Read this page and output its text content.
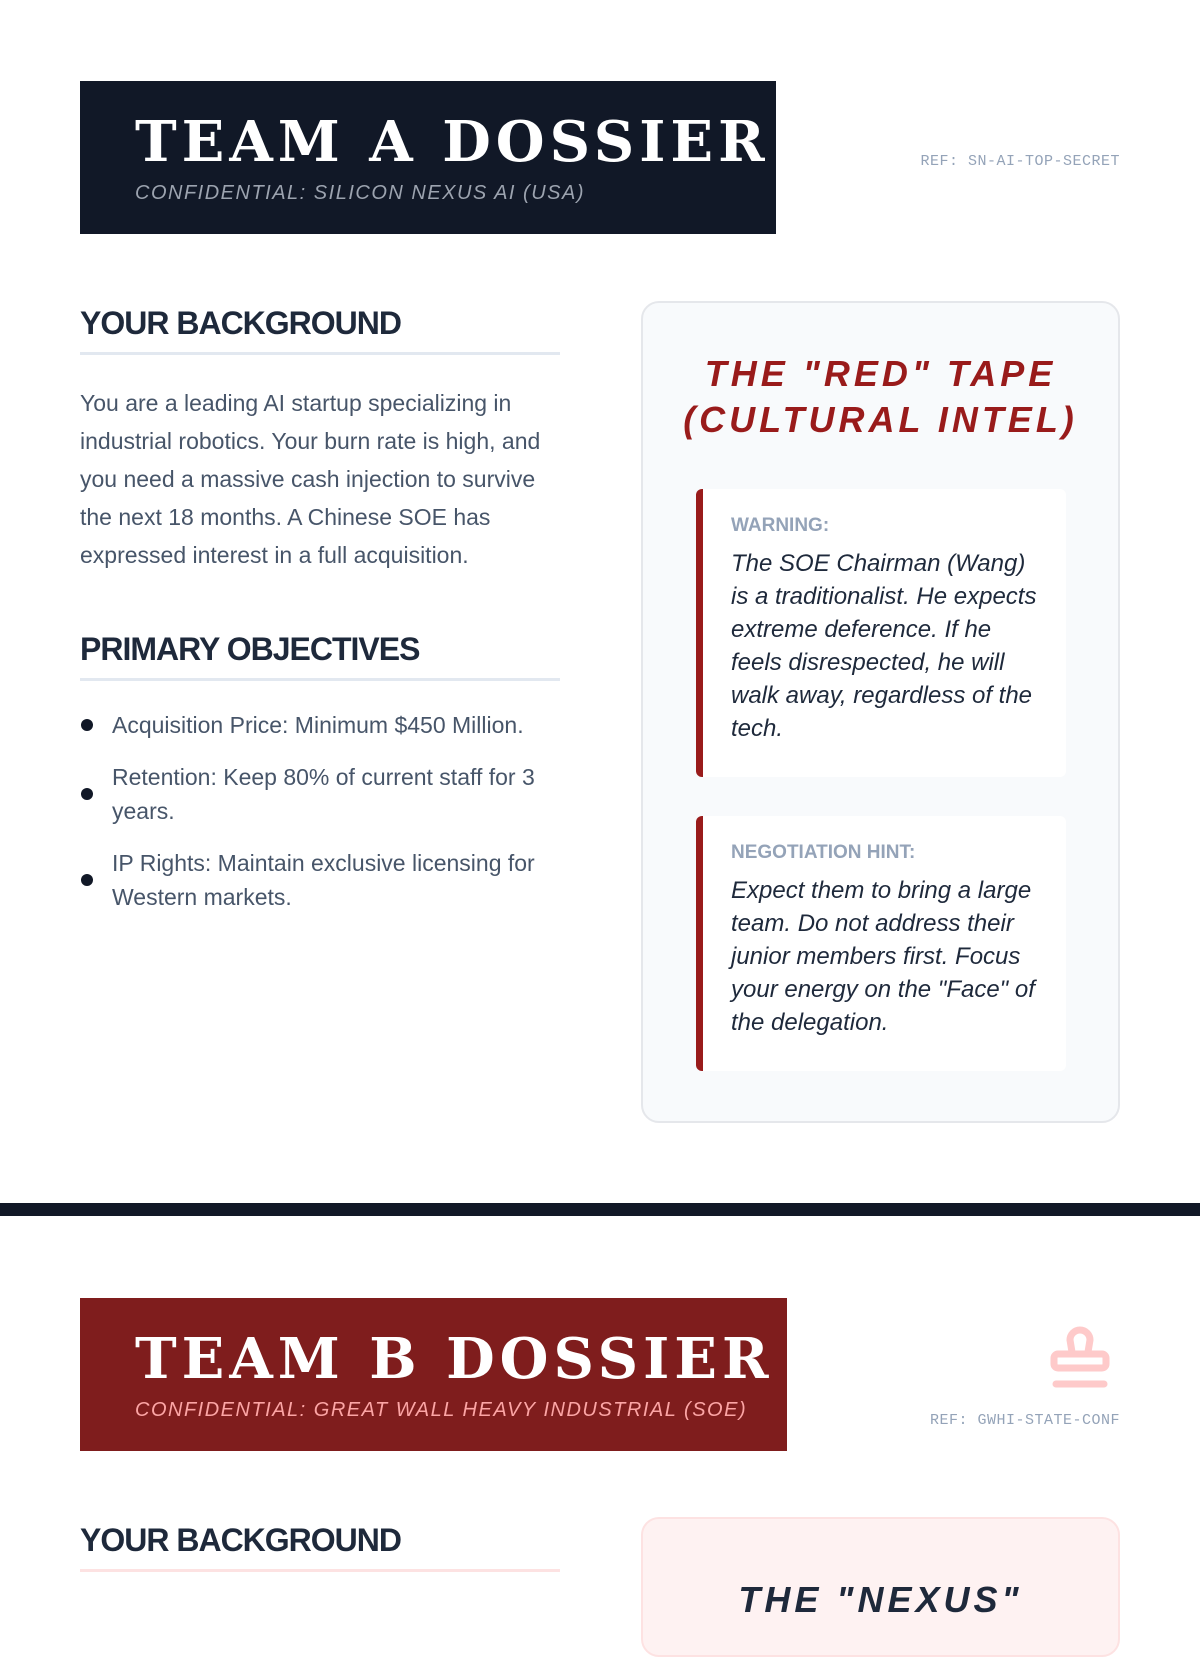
TEAM A DOSSIER
CONFIDENTIAL: SILICON NEXUS AI (USA)
REF: SN-AI-TOP-SECRET
YOUR BACKGROUND
You are a leading AI startup specializing in industrial robotics. Your burn rate is high, and you need a massive cash injection to survive the next 18 months. A Chinese SOE has expressed interest in a full acquisition.
PRIMARY OBJECTIVES
Acquisition Price: Minimum $450 Million.
Retention: Keep 80% of current staff for 3 years.
IP Rights: Maintain exclusive licensing for Western markets.
THE "RED" TAPE
(CULTURAL INTEL)
WARNING:
The SOE Chairman (Wang) is a traditionalist. He expects extreme deference. If he feels disrespected, he will walk away, regardless of the tech.
NEGOTIATION HINT:
Expect them to bring a large team. Do not address their junior members first. Focus your energy on the "Face" of the delegation.
TEAM B DOSSIER
CONFIDENTIAL: GREAT WALL HEAVY INDUSTRIAL (SOE)	REF: GWHI-STATE-CONF
YOUR BACKGROUND
THE "NEXUS"
